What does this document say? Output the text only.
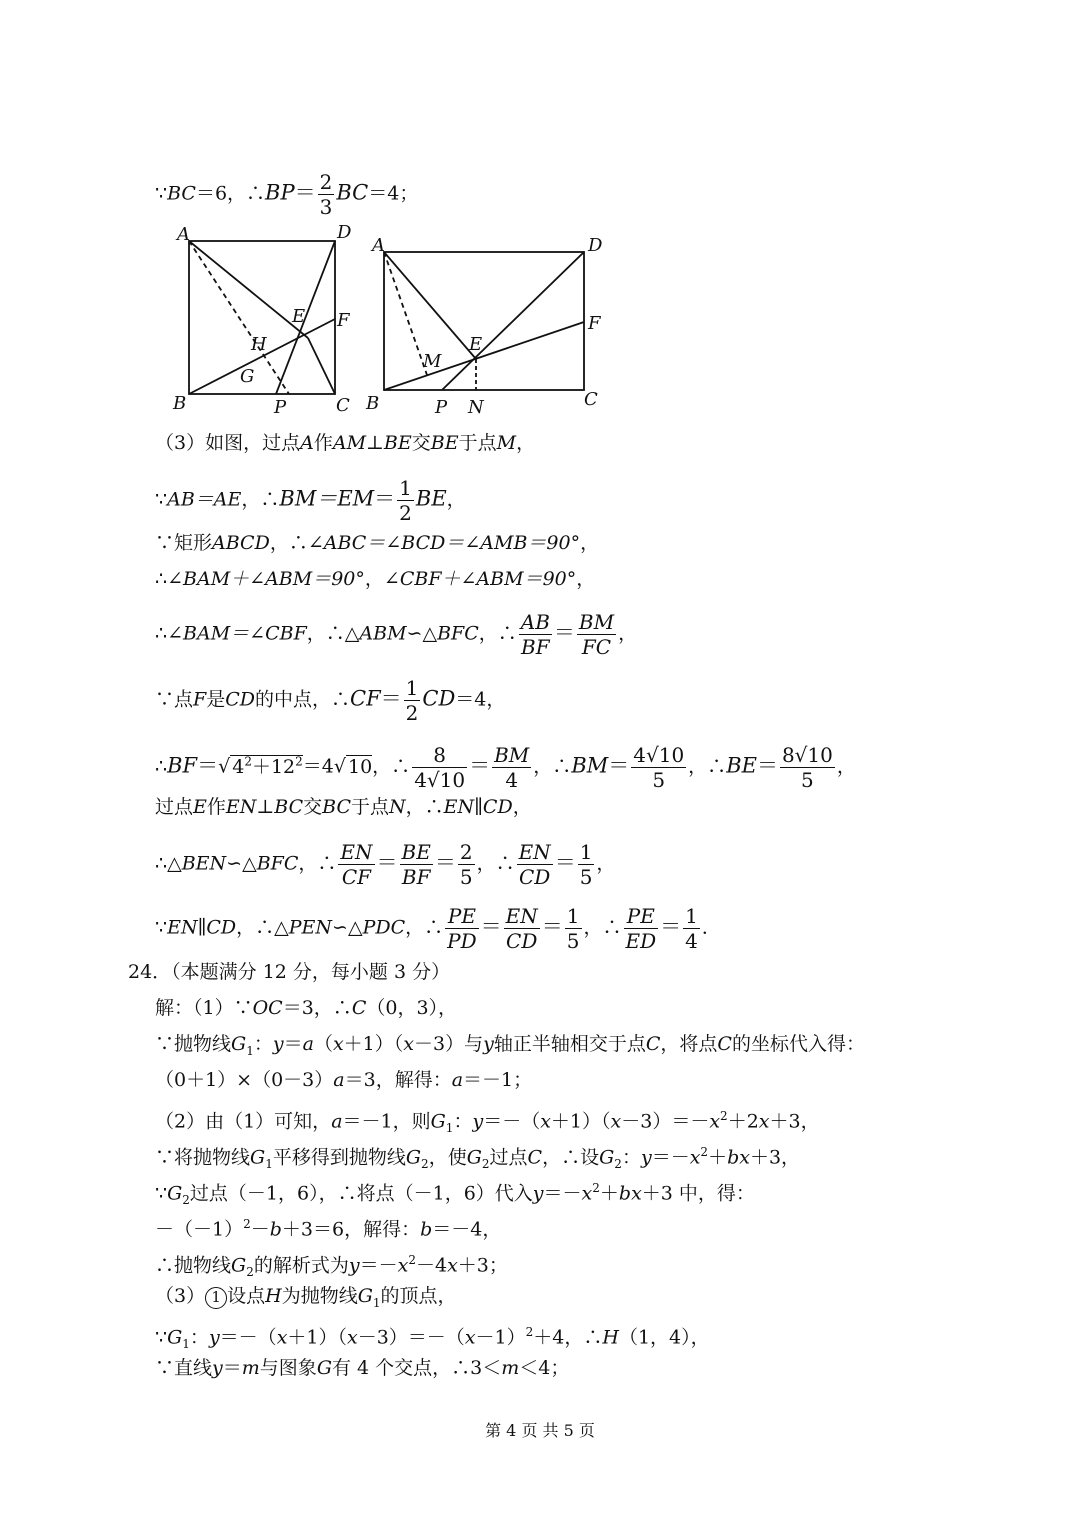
∵BC＝6，∴BP＝ $\frac{2}{3} BC=4$；
A	D
E F
H
G
B	P	C
A	D
E
F
M
B	P N	C
（3）如图，过点A作AM⊥BE交BE于点M，
∵AB＝AE，∴BM＝EM＝ $\frac{1}{2}$ BE，
∵矩形ABCD，∴∠ABC＝∠BCD＝∠AMB＝90°，
∴∠BAM＋∠ABM＝90°，∠CBF＋∠ABM＝90°，
∴∠BAM＝∠CBF，∴△ABM∽△BFC，∴ $\frac{AB}{BF} = \frac{BM}{FC}$ ，
∵点F是CD的中点，∴CF＝ $\frac{1}{2} CD=4$，
∴BF＝√ $4^2+12^2=4√$ 10，∴ $\frac{8}{4√10} = \frac{BM}{4}$ ，∴BM＝ $\frac{4√10}{5}$ ，∴BE＝ $\frac{8√10}{5}$ ，
过点E作EN⊥BC交BC于点N，∴EN∥CD，
∴△BEN∽△BFC，∴ $\frac{EN}{CF} = \frac{BE}{BF} = \frac{2}{5}$ ，∴ $\frac{EN}{CD} = \frac{1}{5}$ ，
∵EN∥CD，∴△PEN∽△PDC，∴ $\frac{PE}{PD} = \frac{EN}{CD} = \frac{1}{5}$ ，∴ $\frac{PE}{ED} = \frac{1}{4}$ ．
24．（本题满分 12 分，每小题 3 分）
解：（1）∵OC＝3，∴C（0，3），
∵抛物线$G_1$：y＝a（x＋1）（x－3）与y轴正半轴相交于点C，将点C的坐标代入得：
（0＋1）×（0－3）a＝3，解得：a＝－1；
（2）由（1）可知，a＝－1，则$G_1$：$y=-(x+1)(x-3)=-x^2+2x+3$，
∵将抛物线$G_1$平移得到抛物线$G_2$，使$G_2$过点C，∴设$G_2$：$y=-x^2+bx+3$，
$\because G_2$过点（－1，6），∴将点（－1，6）代入$y=-x^2+bx+3$ 中，得：
$-(-1)^2-b+3=6$，解得：b＝－4，
∴抛物线$G_2$的解析式为$y=-x^2-4x+3$；
（3） 1 设点H为抛物线$G_1$的顶点，
$\because G_1$：$y=-(x+1)(x-3)=-(x-1)^2+4$，∴H（1，4），
∵直线y＝m与图象G有 4 个交点，∴3＜m＜4；
第 4 页 共 5 页
